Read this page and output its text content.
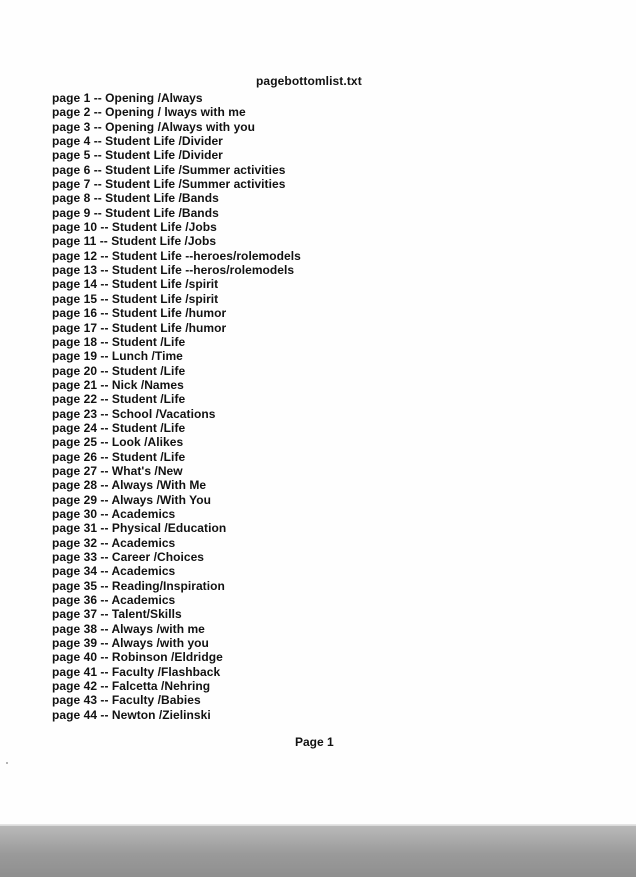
pagebottomlist.txt
page 1 -- Opening /Always
page 2 -- Opening / lways with me
page 3 -- Opening /Always with you
page 4 -- Student Life /Divider
page 5 -- Student Life /Divider
page 6 -- Student Life /Summer activities
page 7 -- Student Life /Summer activities
page 8 -- Student Life /Bands
page 9 -- Student Life /Bands
page 10 -- Student Life /Jobs
page 11 -- Student Life /Jobs
page 12 -- Student Life --heroes/rolemodels
page 13 -- Student Life --heros/rolemodels
page 14 -- Student Life /spirit
page 15 -- Student Life /spirit
page 16 -- Student Life /humor
page 17 -- Student Life /humor
page 18 -- Student /Life
page 19 -- Lunch /Time
page 20 -- Student /Life
page 21 -- Nick /Names
page 22 -- Student /Life
page 23 -- School /Vacations
page 24 -- Student /Life
page 25 -- Look /Alikes
page 26 -- Student /Life
page 27 -- What's /New
page 28 -- Always /With Me
page 29 -- Always /With You
page 30 -- Academics
page 31 -- Physical /Education
page 32 -- Academics
page 33 -- Career /Choices
page 34 -- Academics
page 35 -- Reading/Inspiration
page 36 -- Academics
page 37 -- Talent/Skills
page 38 -- Always /with me
page 39 -- Always /with you
page 40 -- Robinson /Eldridge
page 41 -- Faculty /Flashback
page 42 -- Falcetta /Nehring
page 43 -- Faculty /Babies
page 44 -- Newton /Zielinski
Page 1
